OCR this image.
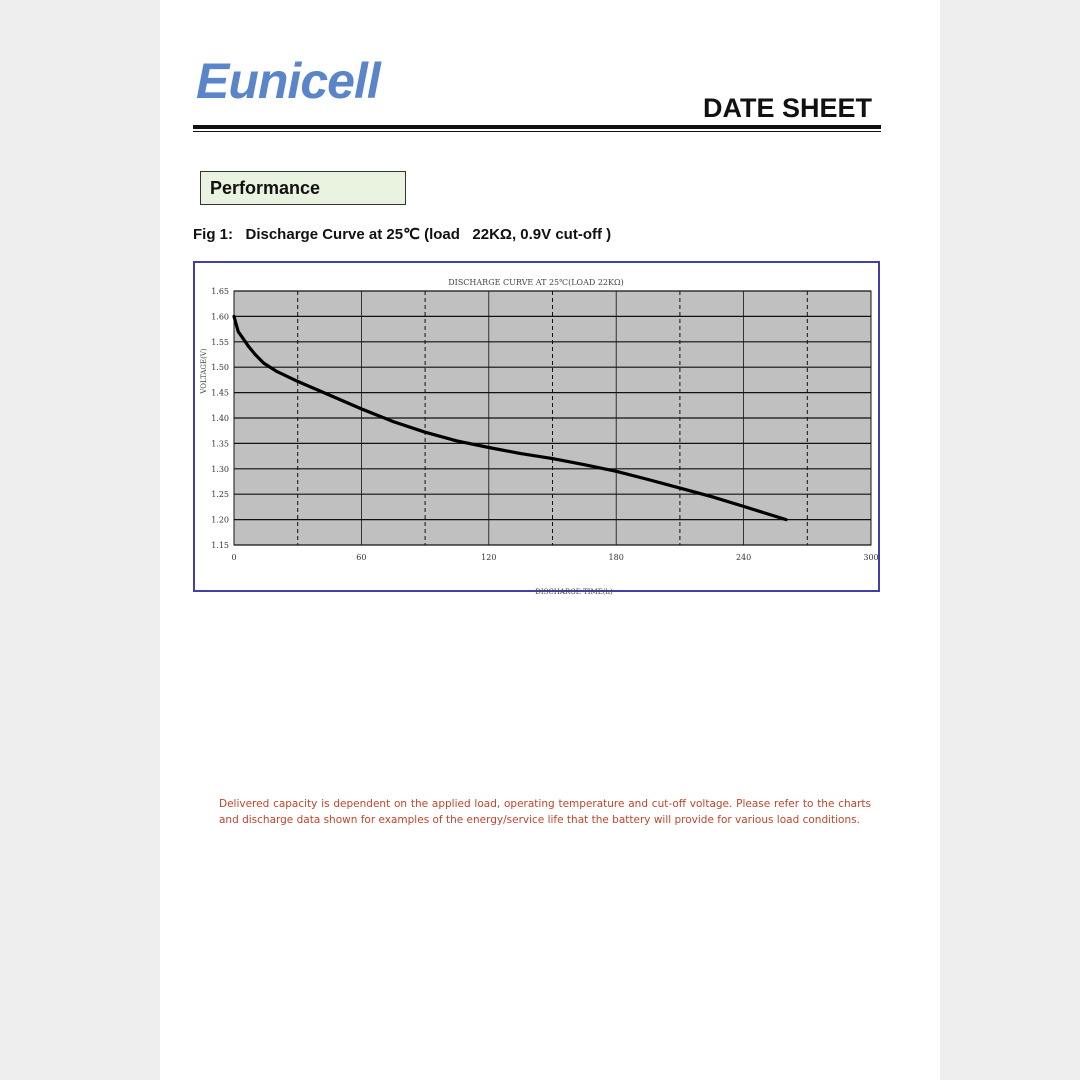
Eunicell	DATE SHEET
Performance
Fig 1:   Discharge Curve at 25℃ (load   22KΩ, 0.9V cut-off )
DISCHARGE CURVE AT 25℃(LOAD 22KΩ)
VOLTAGE(V)
DISCHARGE TIME(h)
1.65
1.60
1.55
1.50
1.45
1.40
1.35
1.30
1.25
1.20
1.15
0	60	120	180	240	300
Delivered capacity is dependent on the applied load, operating temperature and cut-off voltage. Please refer to the charts and discharge data shown for examples of the energy/service life that the battery will provide for various load conditions.
